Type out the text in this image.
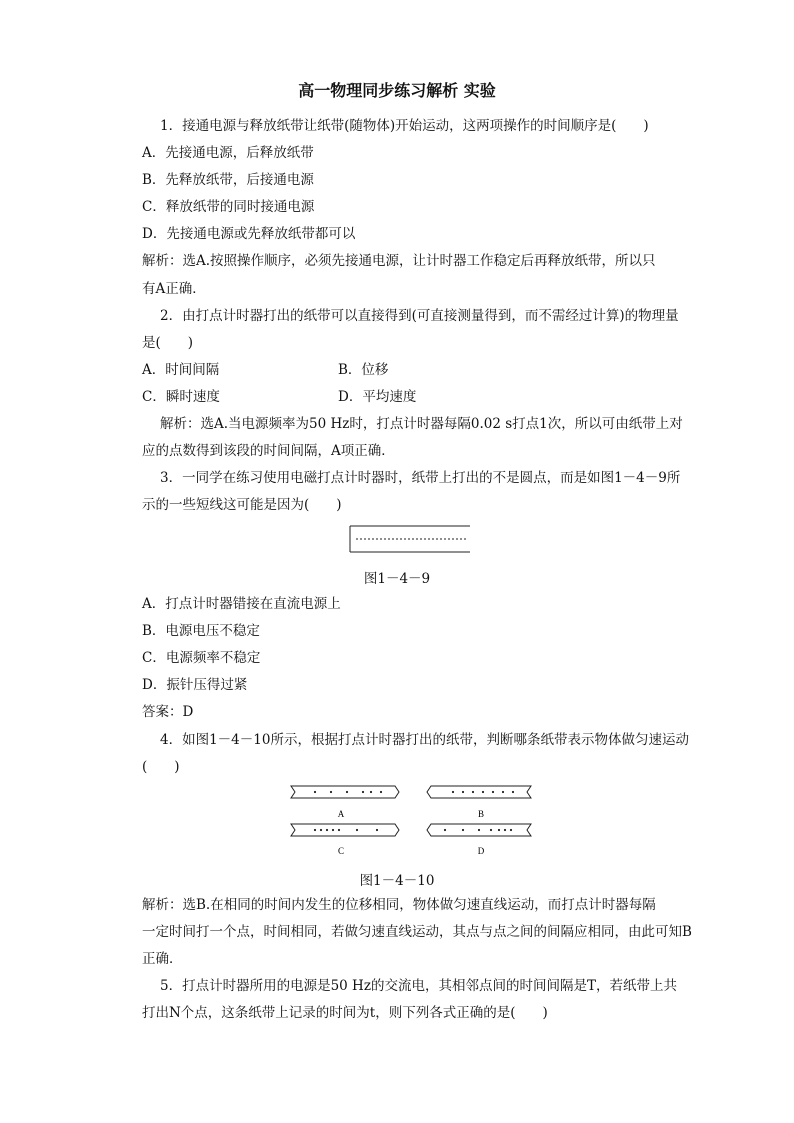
高一物理同步练习解析 实验
1．接通电源与释放纸带让纸带(随物体)开始运动，这两项操作的时间顺序是(　　)
A．先接通电源，后释放纸带
B．先释放纸带，后接通电源
C．释放纸带的同时接通电源
D．先接通电源或先释放纸带都可以
解析：选A.按照操作顺序，必须先接通电源，让计时器工作稳定后再释放纸带，所以只
有A正确．
2．由打点计时器打出的纸带可以直接得到(可直接测量得到，而不需经过计算)的物理量
是(　　)
A．时间间隔	B．位移
C．瞬时速度	D．平均速度
解析：选A.当电源频率为50 Hz时，打点计时器每隔0.02 s打点1次，所以可由纸带上对
应的点数得到该段的时间间隔，A项正确．
3．一同学在练习使用电磁打点计时器时，纸带上打出的不是圆点，而是如图1－4－9所
示的一些短线这可能是因为(　　)
图1－4－9
A．打点计时器错接在直流电源上
B．电源电压不稳定
C．电源频率不稳定
D．振针压得过紧
答案：D
4．如图1－4－10所示，根据打点计时器打出的纸带，判断哪条纸带表示物体做匀速运动
(　　)
A	B
C	D
图1－4－10
解析：选B.在相同的时间内发生的位移相同，物体做匀速直线运动，而打点计时器每隔
一定时间打一个点，时间相同，若做匀速直线运动，其点与点之间的间隔应相同，由此可知B
正确．
5．打点计时器所用的电源是50 Hz的交流电，其相邻点间的时间间隔是T，若纸带上共
打出N个点，这条纸带上记录的时间为t，则下列各式正确的是(　　)
